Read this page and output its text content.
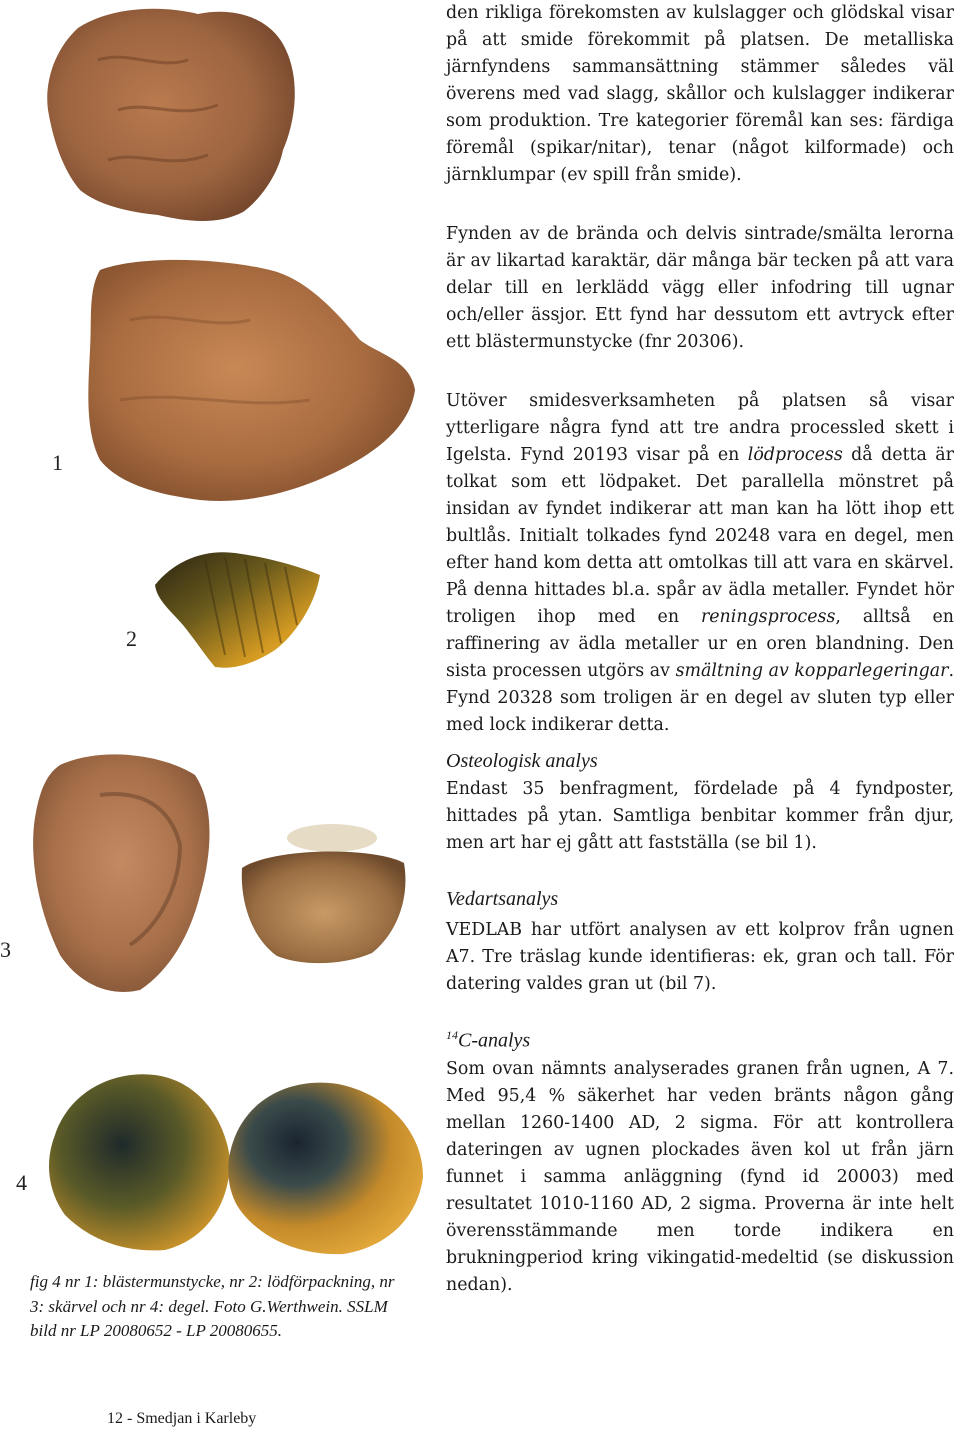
1
2
3
4

fig 4 nr 1: blästermunstycke, nr 2: lödförpackning, nr 3: skärvel och nr 4: degel. Foto G.Werthwein. SSLM bild nr LP 20080652 - LP 20080655.

den rikliga förekomsten av kulslagger och glödskal visar på att smide förekommit på platsen. De metalliska järnfyndens sammansättning stämmer således väl överens med vad slagg, skållor och kulslagger indikerar som produktion. Tre kategorier föremål kan ses: färdiga föremål (spikar/nitar), tenar (något kilformade) och järnklumpar (ev spill från smide).

Fynden av de brända och delvis sintrade/smälta lerorna är av likartad karaktär, där många bär tecken på att vara delar till en lerklädd vägg eller infodring till ugnar och/eller ässjor. Ett fynd har dessutom ett avtryck efter ett blästermunstycke (fnr 20306).

Utöver smidesverksamheten på platsen så visar ytterligare några fynd att tre andra processled skett i Igelsta. Fynd 20193 visar på en lödprocess då detta är tolkat som ett lödpaket. Det parallella mönstret på insidan av fyndet indikerar att man kan ha lött ihop ett bultlås. Initialt tolkades fynd 20248 vara en degel, men efter hand kom detta att omtolkas till att vara en skärvel. På denna hittades bl.a. spår av ädla metaller. Fyndet hör troligen ihop med en reningsprocess, alltså en raffinering av ädla metaller ur en oren blandning. Den sista processen utgörs av smältning av kopparlegeringar. Fynd 20328 som troligen är en degel av sluten typ eller med lock indikerar detta.

Osteologisk analys

Endast 35 benfragment, fördelade på 4 fyndposter, hittades på ytan. Samtliga benbitar kommer från djur, men art har ej gått att fastställa (se bil 1).

Vedartsanalys

VEDLAB har utfört analysen av ett kolprov från ugnen A7. Tre träslag kunde identifieras: ek, gran och tall. För datering valdes gran ut (bil 7).

$^{14}$C-analys

Som ovan nämnts analyserades granen från ugnen, A 7. Med 95,4 % säkerhet har veden bränts någon gång mellan 1260-1400 AD, 2 sigma. För att kontrollera dateringen av ugnen plockades även kol ut från järn funnet i samma anläggning (fynd id 20003) med resultatet 1010-1160 AD, 2 sigma. Proverna är inte helt överensstämmande men torde indikera en brukningperiod kring vikingatid-medeltid (se diskussion nedan).

12 - Smedjan i Karleby
